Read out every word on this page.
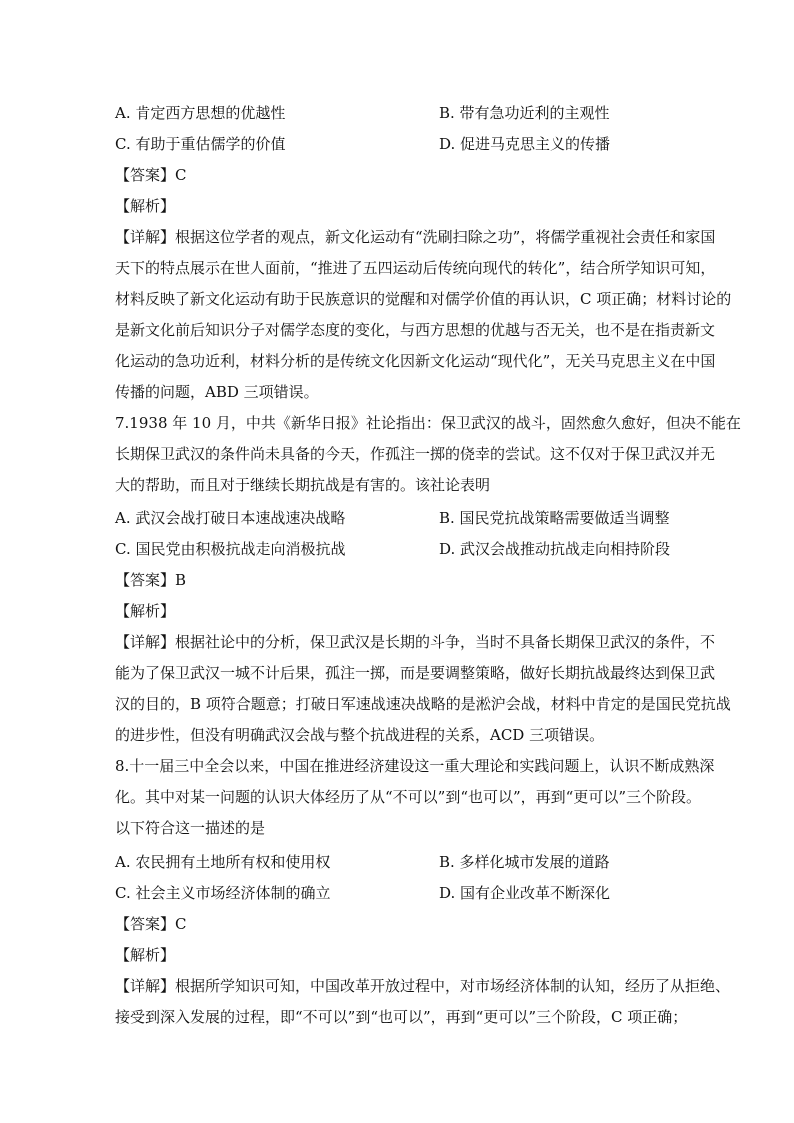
A. 肯定西方思想的优越性	B. 带有急功近利的主观性
C. 有助于重估儒学的价值	D. 促进马克思主义的传播
【答案】C
【解析】
【详解】根据这位学者的观点，新文化运动有“洗刷扫除之功”，将儒学重视社会责任和家国
天下的特点展示在世人面前，“推进了五四运动后传统向现代的转化”，结合所学知识可知，
材料反映了新文化运动有助于民族意识的觉醒和对儒学价值的再认识，C 项正确；材料讨论的
是新文化前后知识分子对儒学态度的变化，与西方思想的优越与否无关，也不是在指责新文
化运动的急功近利，材料分析的是传统文化因新文化运动“现代化”，无关马克思主义在中国
传播的问题，ABD 三项错误。
7.1938 年 10 月，中共《新华日报》社论指出：保卫武汉的战斗，固然愈久愈好，但决不能在
长期保卫武汉的条件尚未具备的今天，作孤注一掷的侥幸的尝试。这不仅对于保卫武汉并无
大的帮助，而且对于继续长期抗战是有害的。该社论表明
A. 武汉会战打破日本速战速决战略	B. 国民党抗战策略需要做适当调整
C. 国民党由积极抗战走向消极抗战	D. 武汉会战推动抗战走向相持阶段
【答案】B
【解析】
【详解】根据社论中的分析，保卫武汉是长期的斗争，当时不具备长期保卫武汉的条件，不
能为了保卫武汉一城不计后果，孤注一掷，而是要调整策略，做好长期抗战最终达到保卫武
汉的目的，B 项符合题意；打破日军速战速决战略的是淞沪会战，材料中肯定的是国民党抗战
的进步性，但没有明确武汉会战与整个抗战进程的关系，ACD 三项错误。
8.十一届三中全会以来，中国在推进经济建设这一重大理论和实践问题上，认识不断成熟深
化。其中对某一问题的认识大体经历了从“不可以”到“也可以”，再到“更可以”三个阶段。
以下符合这一描述的是
A. 农民拥有土地所有权和使用权	B. 多样化城市发展的道路
C. 社会主义市场经济体制的确立	D. 国有企业改革不断深化
【答案】C
【解析】
【详解】根据所学知识可知，中国改革开放过程中，对市场经济体制的认知，经历了从拒绝、
接受到深入发展的过程，即“不可以”到“也可以”，再到“更可以”三个阶段，C 项正确；
